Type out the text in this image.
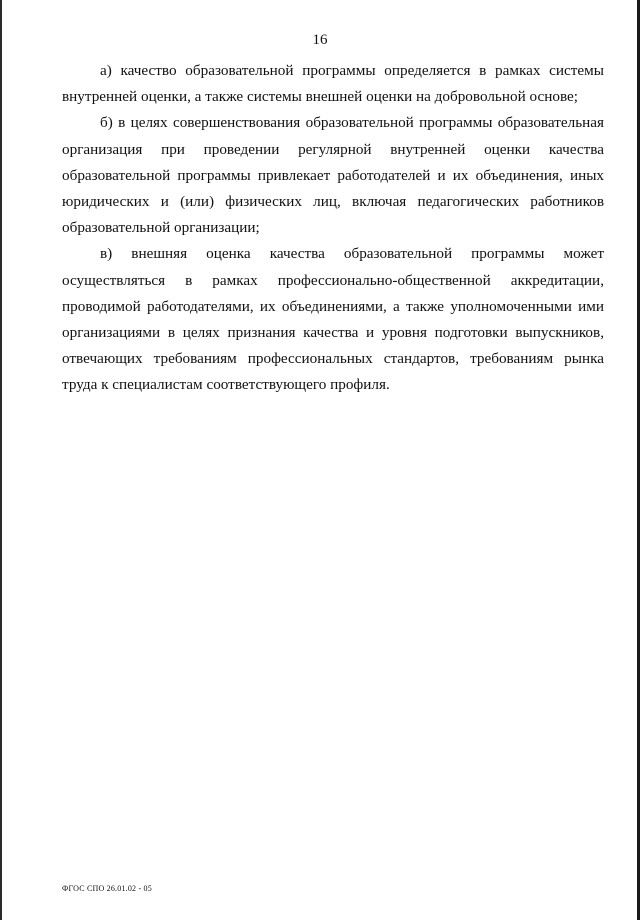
16

а) качество образовательной программы определяется в рамках системы внутренней оценки, а также системы внешней оценки на добровольной основе;

б) в целях совершенствования образовательной программы образовательная организация при проведении регулярной внутренней оценки качества образовательной программы привлекает работодателей и их объединения, иных юридических и (или) физических лиц, включая педагогических работников образовательной организации;

в) внешняя оценка качества образовательной программы может осуществляться в рамках профессионально-общественной аккредитации, проводимой работодателями, их объединениями, а также уполномоченными ими организациями в целях признания качества и уровня подготовки выпускников, отвечающих требованиям профессиональных стандартов, требованиям рынка труда к специалистам соответствующего профиля.

ФГОС СПО 26.01.02 - 05
